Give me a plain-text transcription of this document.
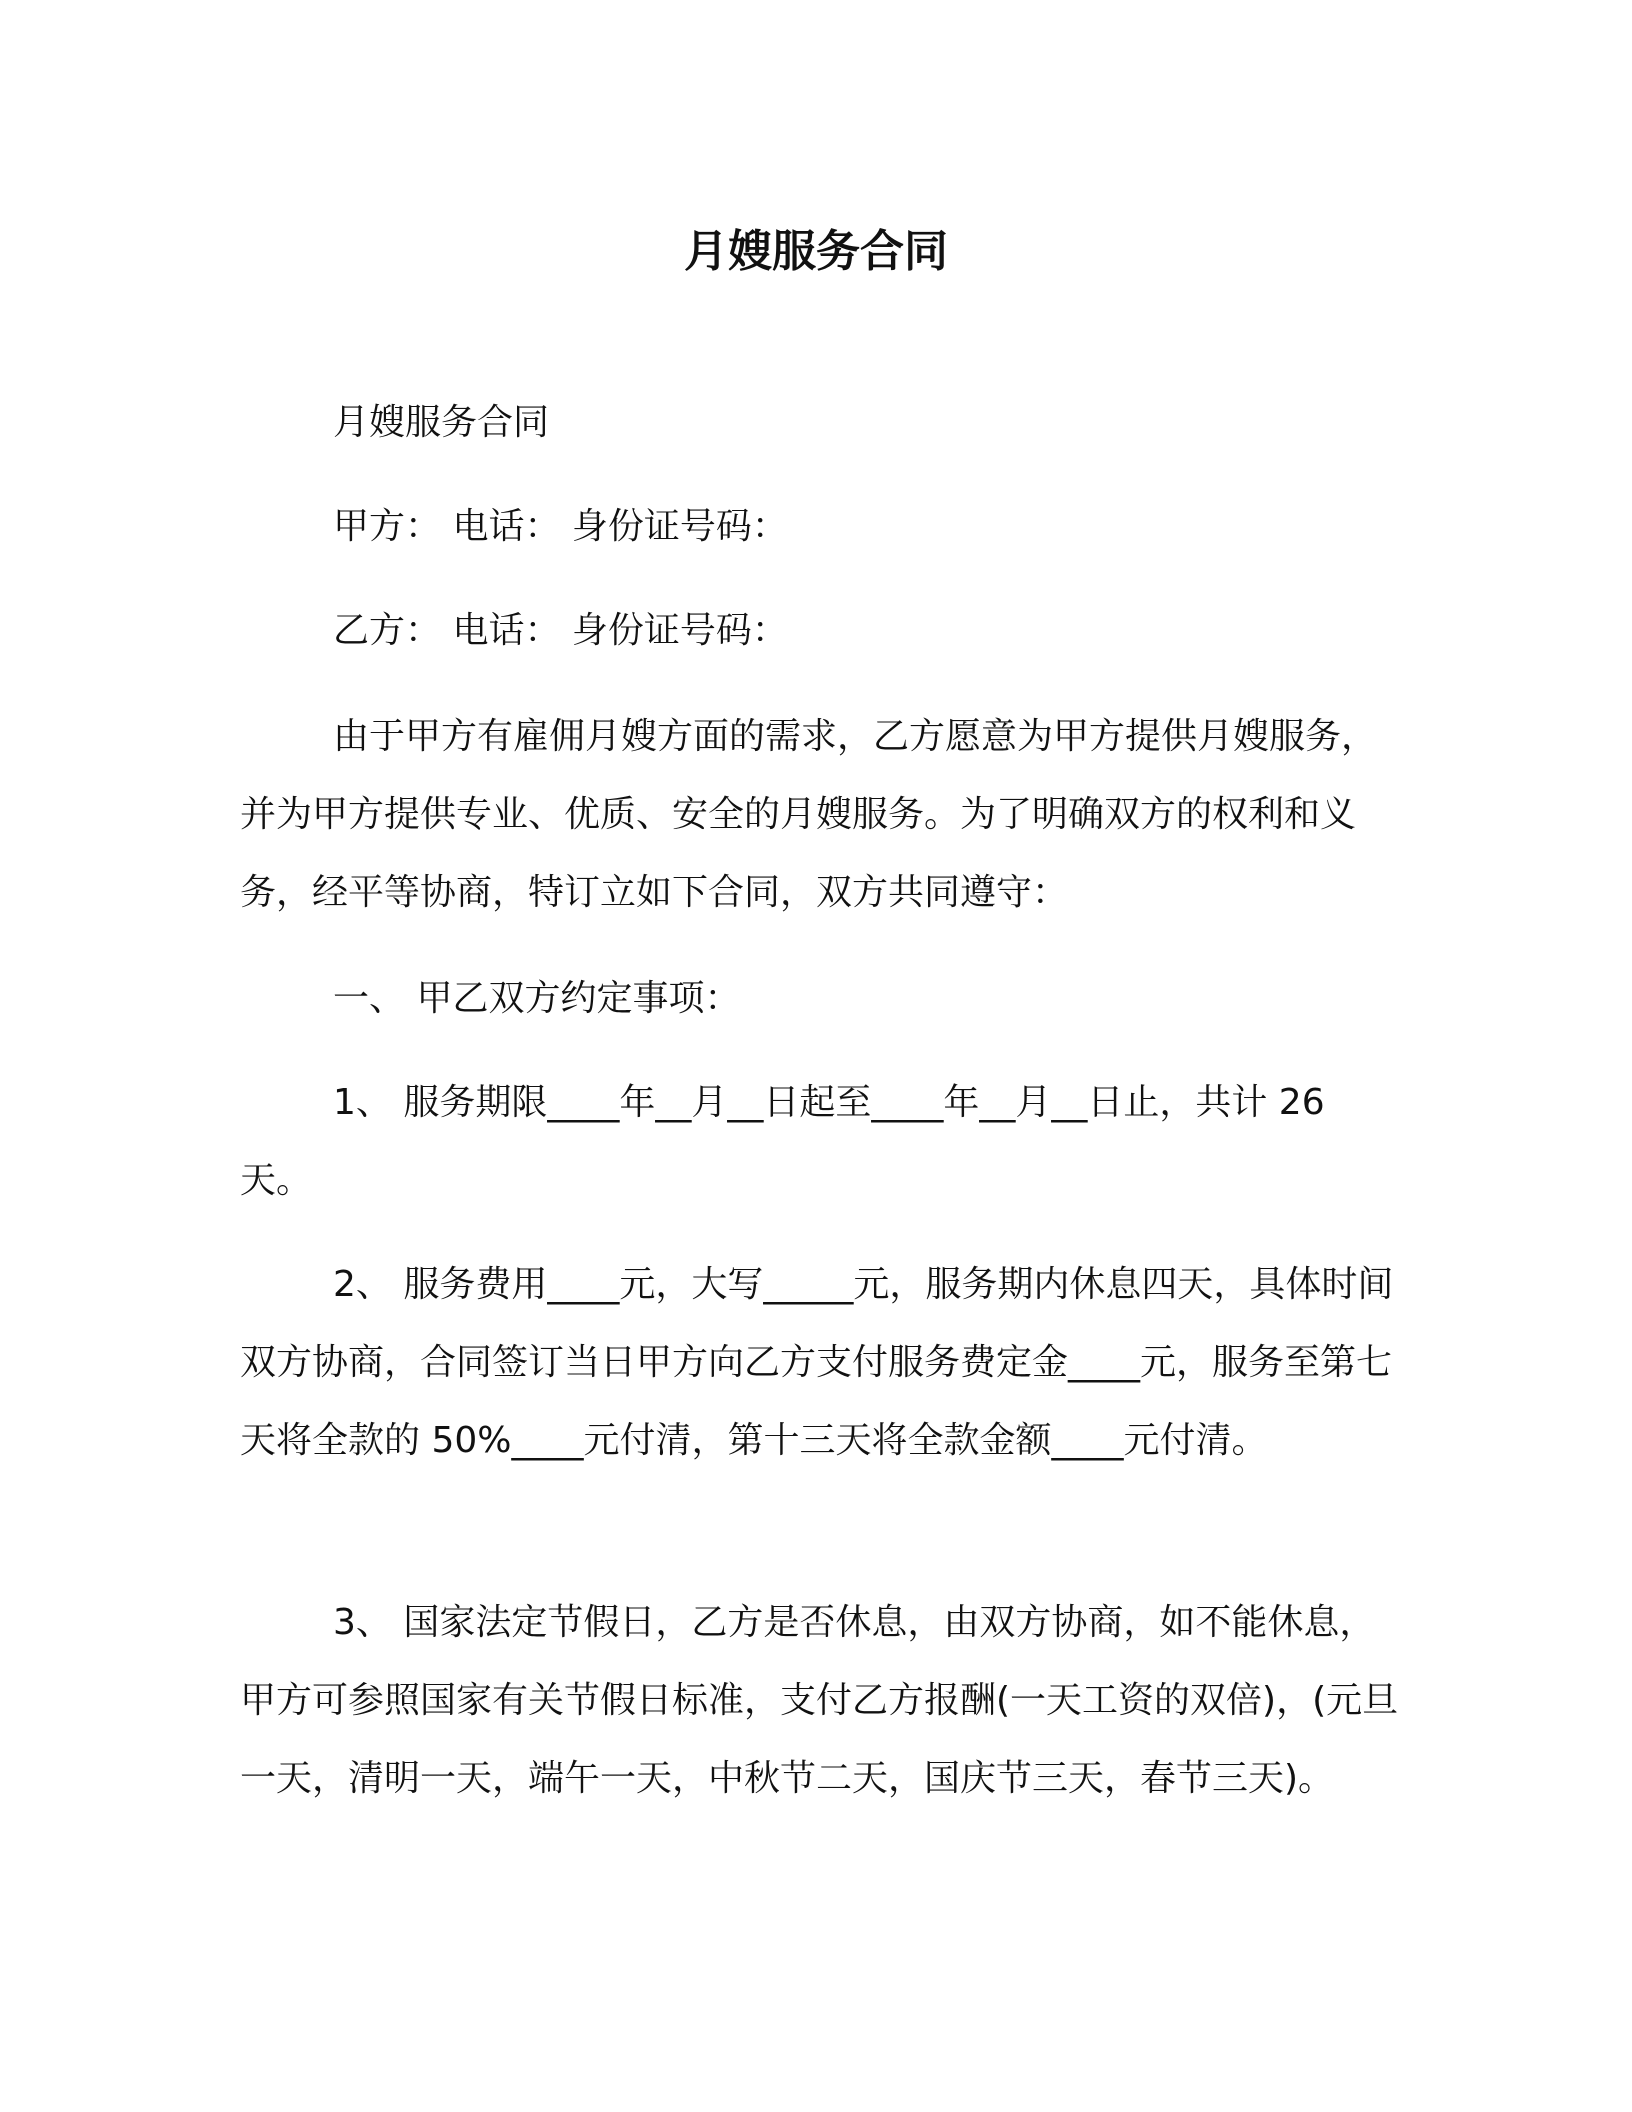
月嫂服务合同

月嫂服务合同

甲方： 电话： 身份证号码：

乙方： 电话： 身份证号码：

由于甲方有雇佣月嫂方面的需求，乙方愿意为甲方提供月嫂服务，并为甲方提供专业、优质、安全的月嫂服务。为了明确双方的权利和义务，经平等协商，特订立如下合同，双方共同遵守：

一、 甲乙双方约定事项：

1、 服务期限____年__月__日起至____年__月__日止，共计 26 天。

2、 服务费用____元，大写_____元，服务期内休息四天，具体时间双方协商，合同签订当日甲方向乙方支付服务费定金____元，服务至第七天将全款的 50%____元付清，第十三天将全款金额____元付清。

3、 国家法定节假日，乙方是否休息，由双方协商，如不能休息，甲方可参照国家有关节假日标准，支付乙方报酬(一天工资的双倍)，(元旦一天，清明一天，端午一天，中秋节二天，国庆节三天，春节三天)。
